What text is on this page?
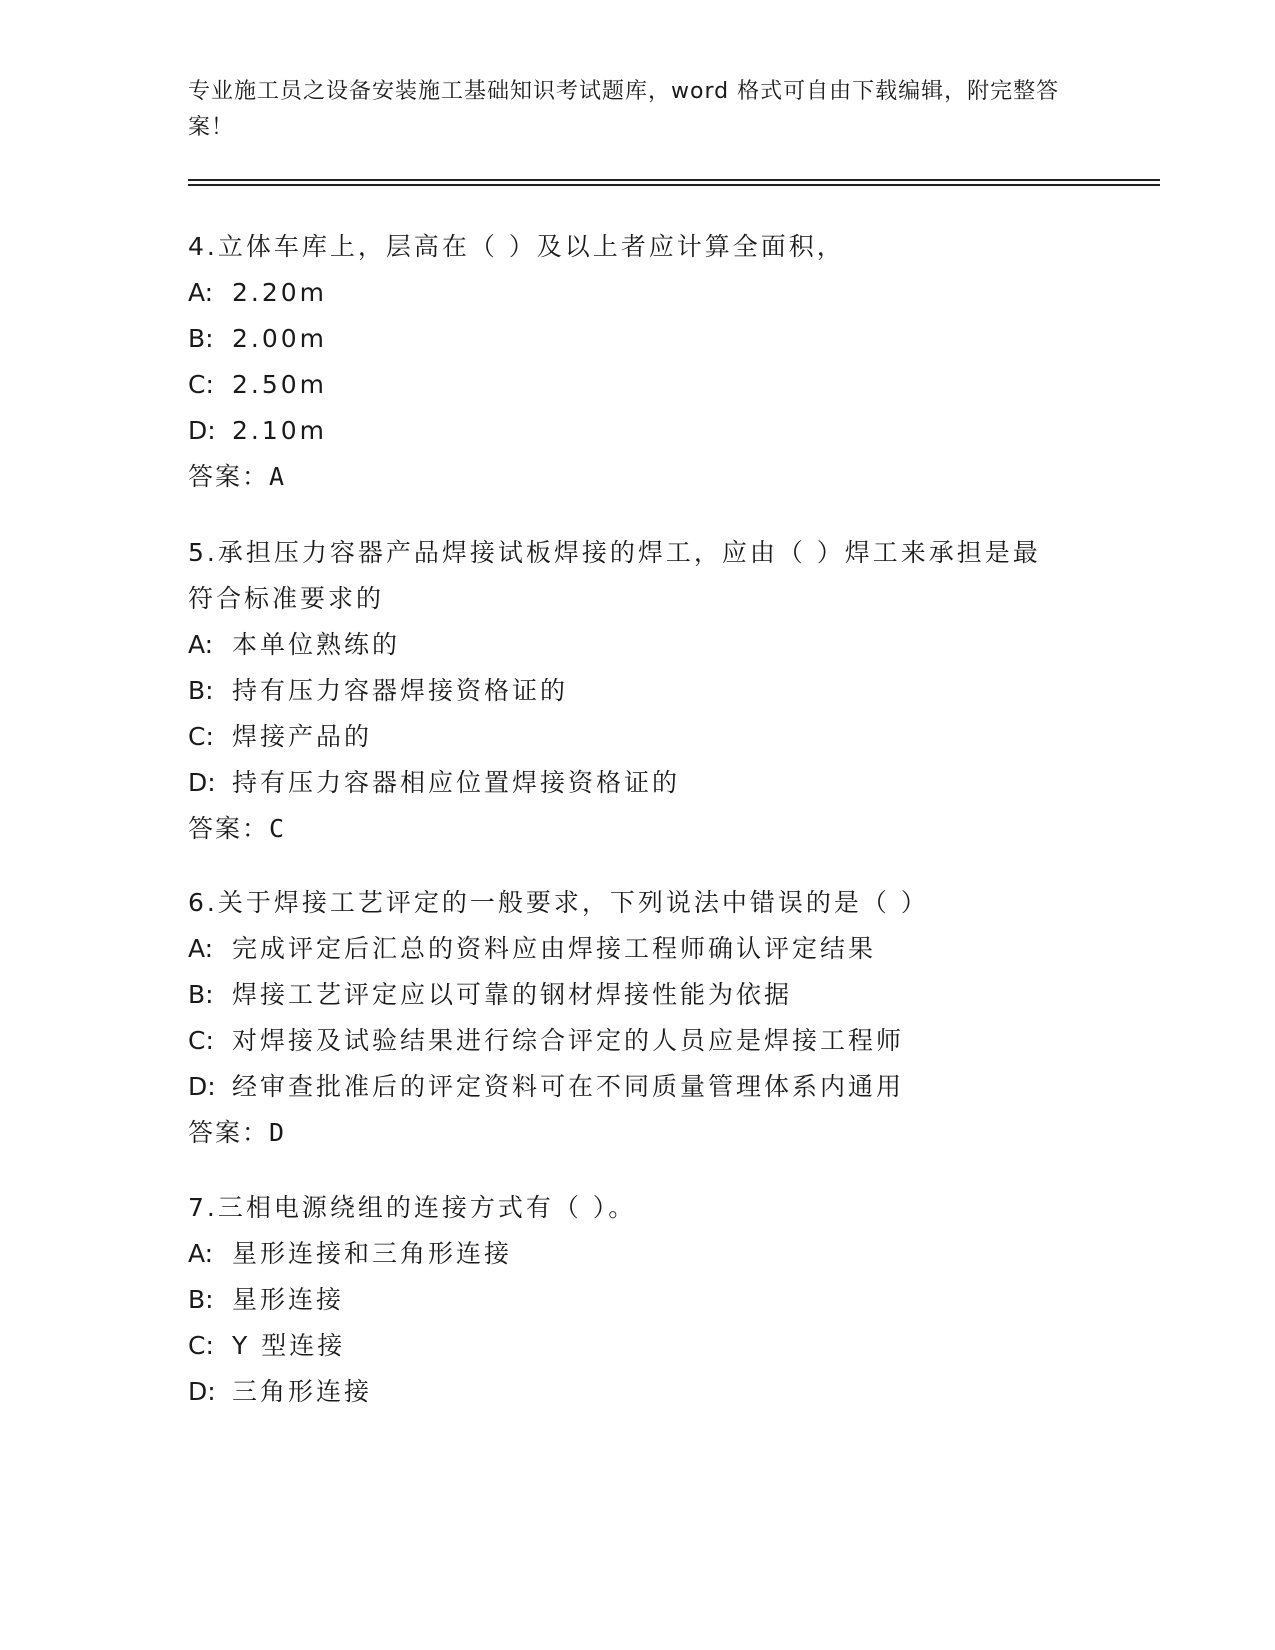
专业施工员之设备安装施工基础知识考试题库，word 格式可自由下载编辑，附完整答案！

4.立体车库上，层高在（ ）及以上者应计算全面积，

A: 2.20m

B: 2.00m

C: 2.50m

D: 2.10m

答案：A

5.承担压力容器产品焊接试板焊接的焊工，应由（ ）焊工来承担是最符合标准要求的

A: 本单位熟练的

B: 持有压力容器焊接资格证的

C: 焊接产品的

D: 持有压力容器相应位置焊接资格证的

答案：C

6.关于焊接工艺评定的一般要求，下列说法中错误的是（ ）

A: 完成评定后汇总的资料应由焊接工程师确认评定结果

B: 焊接工艺评定应以可靠的钢材焊接性能为依据

C: 对焊接及试验结果进行综合评定的人员应是焊接工程师

D: 经审查批准后的评定资料可在不同质量管理体系内通用

答案：D

7.三相电源绕组的连接方式有（ ）。

A: 星形连接和三角形连接

B: 星形连接

C: Y 型连接

D: 三角形连接
